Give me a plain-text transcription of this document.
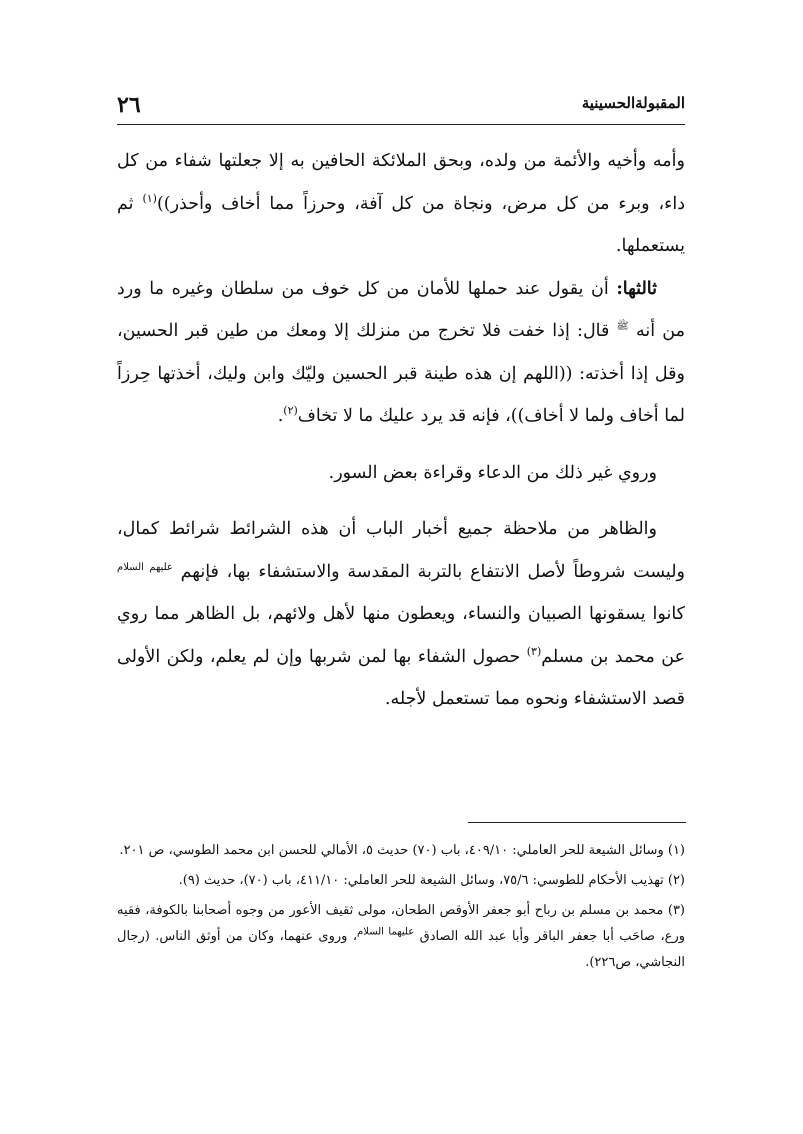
المقبولةالحسينية
٢٦

وأمه وأخيه والأئمة من ولده، وبحق الملائكة الحافين به إلا جعلتها شفاء من كل داء، وبرء من كل مرض، ونجاة من كل آفة، وحرزاً مما أخاف وأحذر))$^{(١)}$ ثم يستعملها.

ثالثها: أن يقول عند حملها للأمان من كل خوف من سلطان وغيره ما ورد من أنه $^ﷺ$ قال: إذا خفت فلا تخرج من منزلك إلا ومعك من طين قبر الحسين، وقل إذا أخذته: ((اللهم إن هذه طينة قبر الحسين وليّك وابن وليك، أخذتها حِرزاً لما أخاف ولما لا أخاف))، فإنه قد يرد عليك ما لا تخاف$^{(٢)}$.

وروي غير ذلك من الدعاء وقراءة بعض السور.

والظاهر من ملاحظة جميع أخبار الباب أن هذه الشرائط شرائط كمال، وليست شروطاً لأصل الانتفاع بالتربة المقدسة والاستشفاء بها، فإنهم $^{عليهم السلام}$ كانوا يسقونها الصبيان والنساء، ويعطون منها لأهل ولائهم، بل الظاهر مما روي عن محمد بن مسلم$^{(٣)}$ حصول الشفاء بها لمن شربها وإن لم يعلم، ولكن الأولى قصد الاستشفاء ونحوه مما تستعمل لأجله.

(١) وسائل الشيعة للحر العاملي: ٤٠٩/١٠، باب (٧٠) حديث ٥، الأمالي للحسن ابن محمد الطوسي، ص ٢٠١.

(٢) تهذيب الأحكام للطوسي: ٧٥/٦، وسائل الشيعة للحر العاملي: ٤١١/١٠، باب (٧٠)، حديث (٩).

(٣) محمد بن مسلم بن رباح أبو جعفر الأوقص الطحان، مولى ثقيف الأعور من وجوه أصحابنا بالكوفة، فقيه ورع، صاحَب أبا جعفر الباقر وأبا عبد الله الصادق $^{عليهما السلام}$، وروى عنهما، وكان من أوثق الناس. (رجال النجاشي، ص٢٢٦).
